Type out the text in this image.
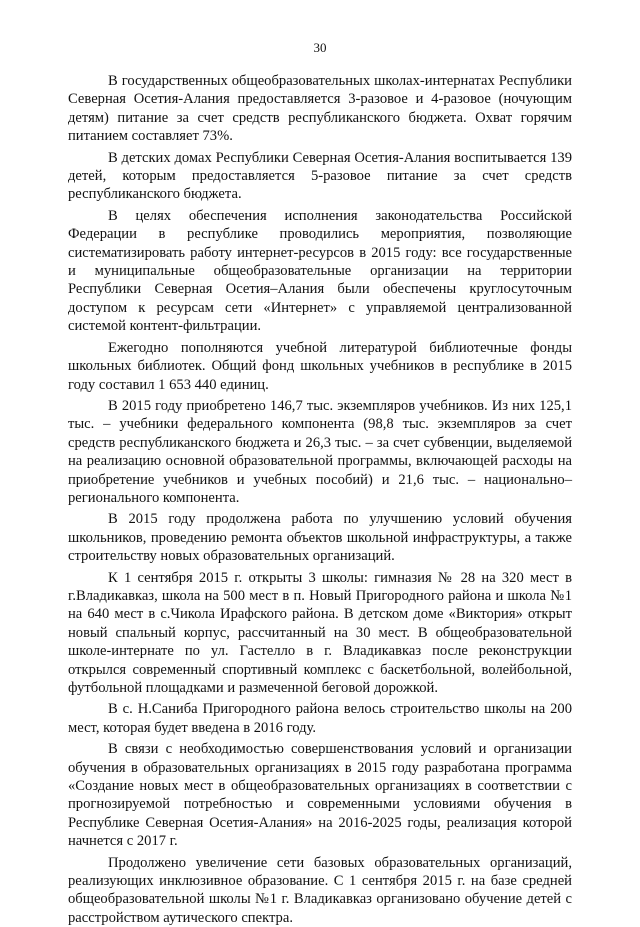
30

В государственных общеобразовательных школах-интернатах Республики Северная Осетия-Алания предоставляется 3-разовое и 4-разовое (ночующим детям) питание за счет средств республиканского бюджета. Охват горячим питанием составляет 73%.

В детских домах Республики Северная Осетия-Алания воспитывается 139 детей, которым предоставляется 5-разовое питание за счет средств республиканского бюджета.

В целях обеспечения исполнения законодательства Российской Федерации в республике проводились мероприятия, позволяющие систематизировать работу интернет-ресурсов в 2015 году: все государственные и муниципальные общеобразовательные организации на территории Республики Северная Осетия–Алания были обеспечены круглосуточным доступом к ресурсам сети «Интернет» с управляемой централизованной системой контент-фильтрации.

Ежегодно пополняются учебной литературой библиотечные фонды школьных библиотек. Общий фонд школьных учебников в республике в 2015 году составил 1 653 440 единиц.

В 2015 году приобретено 146,7 тыс. экземпляров учебников. Из них 125,1 тыс. – учебники федерального компонента (98,8 тыс. экземпляров за счет средств республиканского бюджета и 26,3 тыс. – за счет субвенции, выделяемой на реализацию основной образовательной программы, включающей расходы на приобретение учебников и учебных пособий) и 21,6 тыс. – национально–регионального компонента.

В 2015 году продолжена работа по улучшению условий обучения школьников, проведению ремонта объектов школьной инфраструктуры, а также строительству новых образовательных организаций.

К 1 сентября 2015 г. открыты 3 школы: гимназия № 28 на 320 мест в г.Владикавказ, школа на 500 мест в п. Новый Пригородного района и школа №1 на 640 мест в с.Чикола Ирафского района. В детском доме «Виктория» открыт новый спальный корпус, рассчитанный на 30 мест. В общеобразовательной школе-интернате по ул. Гастелло в г. Владикавказ после реконструкции открылся современный спортивный комплекс с баскетбольной, волейбольной, футбольной площадками и размеченной беговой дорожкой.

В с. Н.Саниба Пригородного района велось строительство школы на 200 мест, которая будет введена в 2016 году.

В связи с необходимостью совершенствования условий и организации обучения в образовательных организациях в 2015 году разработана программа «Создание новых мест в общеобразовательных организациях в соответствии с прогнозируемой потребностью и современными условиями обучения в Республике Северная Осетия-Алания» на 2016-2025 годы, реализация которой начнется с 2017 г.

Продолжено увеличение сети базовых образовательных организаций, реализующих инклюзивное образование. С 1 сентября 2015 г. на базе средней общеобразовательной школы №1 г. Владикавказ организовано обучение детей с расстройством аутического спектра.
